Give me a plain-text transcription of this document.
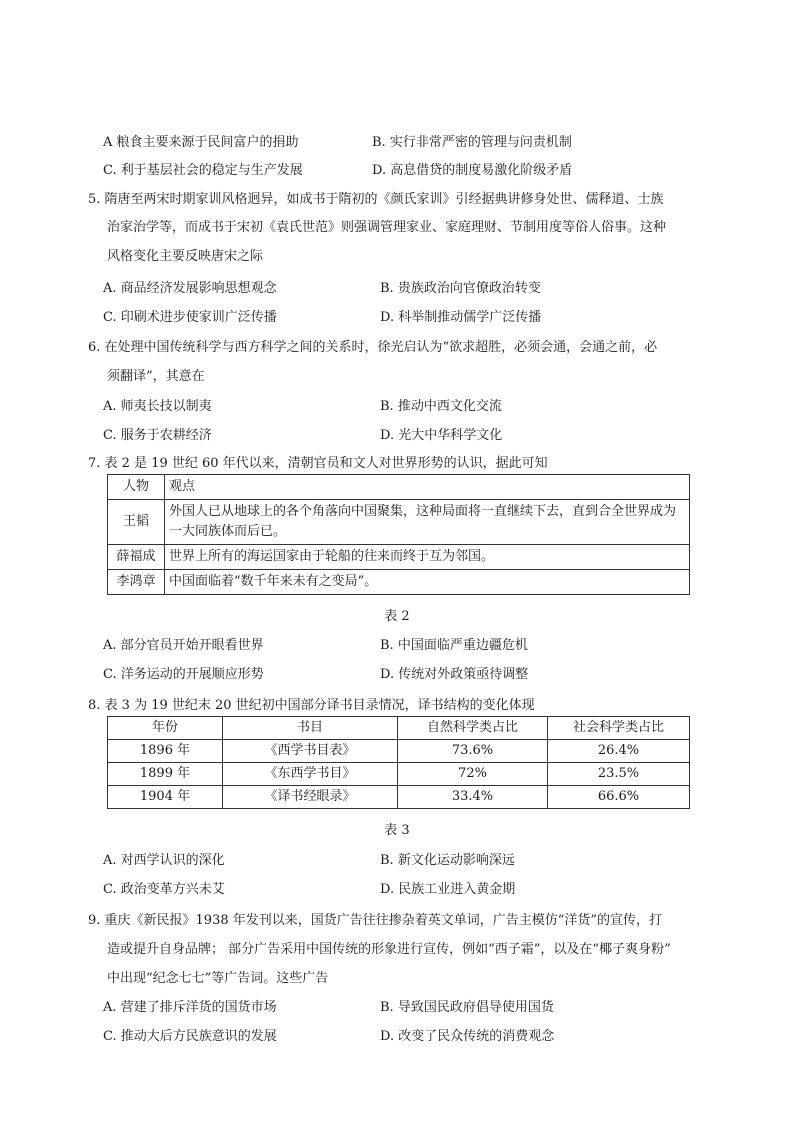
A 粮食主要来源于民间富户的捐助	B. 实行非常严密的管理与问责机制
C. 利于基层社会的稳定与生产发展	D. 高息借贷的制度易激化阶级矛盾
5. 隋唐至两宋时期家训风格迥异，如成书于隋初的《颜氏家训》引经据典讲修身处世、儒释道、士族
治家治学等，而成书于宋初《袁氏世范》则强调管理家业、家庭理财、节制用度等俗人俗事。这种
风格变化主要反映唐宋之际
A. 商品经济发展影响思想观念	B. 贵族政治向官僚政治转变
C. 印刷术进步使家训广泛传播	D. 科举制推动儒学广泛传播
6. 在处理中国传统科学与西方科学之间的关系时，徐光启认为“欲求超胜，必须会通，会通之前，必
须翻译”，其意在
A. 师夷长技以制夷	B. 推动中西文化交流
C. 服务于农耕经济	D. 光大中华科学文化
7. 表 2 是 19 世纪 60 年代以来，清朝官员和文人对世界形势的认识，据此可知
人物	观点
王韬	外国人已从地球上的各个角落向中国聚集，这种局面将一直继续下去，直到合全世界成为一大同族体而后已。
薛福成	世界上所有的海运国家由于轮船的往来而终于互为邻国。
李鸿章	中国面临着“数千年来未有之变局”。
表 2
A. 部分官员开始开眼看世界	B. 中国面临严重边疆危机
C. 洋务运动的开展顺应形势	D. 传统对外政策亟待调整
8. 表 3 为 19 世纪末 20 世纪初中国部分译书目录情况，译书结构的变化体现
年份	书目	自然科学类占比	社会科学类占比
1896 年	《西学书目表》	73.6%	26.4%
1899 年	《东西学书目》	72%	23.5%
1904 年	《译书经眼录》	33.4%	66.6%
表 3
A. 对西学认识的深化	B. 新文化运动影响深远
C. 政治变革方兴未艾	D. 民族工业进入黄金期
9. 重庆《新民报》1938 年发刊以来，国货广告往往掺杂着英文单词，广告主模仿“洋货”的宣传，打
造或提升自身品牌； 部分广告采用中国传统的形象进行宣传，例如“西子霜”，以及在“椰子爽身粉”
中出现“纪念七七”等广告词。这些广告
A. 营建了排斥洋货的国货市场	B. 导致国民政府倡导使用国货
C. 推动大后方民族意识的发展	D. 改变了民众传统的消费观念
